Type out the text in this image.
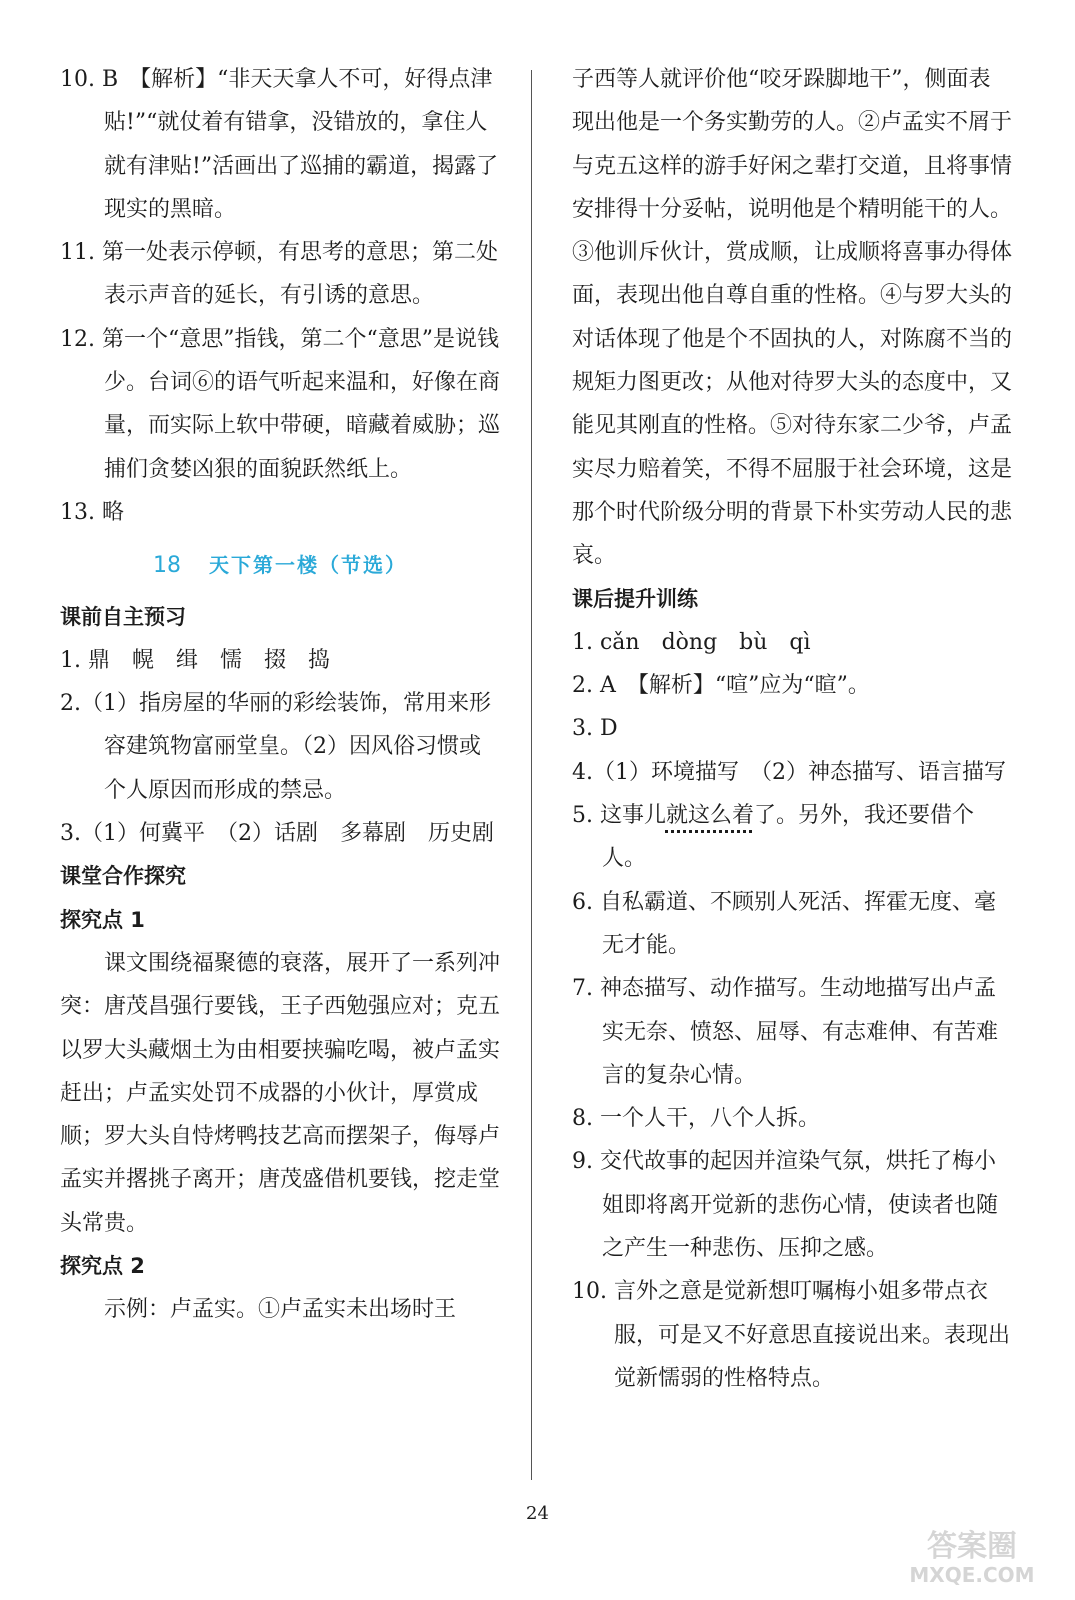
10. B　【解析】“非天天拿人不可，好得点津贴!”“就仗着有错拿，没错放的，拿住人就有津贴!”活画出了巡捕的霸道，揭露了现实的黑暗。

11. 第一处表示停顿，有思考的意思；第二处表示声音的延长，有引诱的意思。

12. 第一个“意思”指钱，第二个“意思”是说钱少。台词⑥的语气听起来温和，好像在商量，而实际上软中带硬，暗藏着威胁；巡捕们贪婪凶狠的面貌跃然纸上。

13. 略

18 天下第一楼（节选）

课前自主预习

1. 鼎　幌　缉　懦　掇　捣

2.（1）指房屋的华丽的彩绘装饰，常用来形容建筑物富丽堂皇。（2）因风俗习惯或个人原因而形成的禁忌。

3.（1）何冀平　（2）话剧　多幕剧　历史剧

课堂合作探究

探究点 1

课文围绕福聚德的衰落，展开了一系列冲突：唐茂昌强行要钱，王子西勉强应对；克五以罗大头藏烟土为由相要挟骗吃喝，被卢孟实赶出；卢孟实处罚不成器的小伙计，厚赏成顺；罗大头自恃烤鸭技艺高而摆架子，侮辱卢孟实并撂挑子离开；唐茂盛借机要钱，挖走堂头常贵。

探究点 2

示例：卢孟实。①卢孟实未出场时王

子西等人就评价他“咬牙跺脚地干”，侧面表现出他是一个务实勤劳的人。②卢孟实不屑于与克五这样的游手好闲之辈打交道，且将事情安排得十分妥帖，说明他是个精明能干的人。③他训斥伙计，赏成顺，让成顺将喜事办得体面，表现出他自尊自重的性格。④与罗大头的对话体现了他是个不固执的人，对陈腐不当的规矩力图更改；从他对待罗大头的态度中，又能见其刚直的性格。⑤对待东家二少爷，卢孟实尽力赔着笑，不得不屈服于社会环境，这是那个时代阶级分明的背景下朴实劳动人民的悲哀。

课后提升训练

1. cǎn　dòng　bù　qì

2. A　【解析】“喧”应为“暄”。

3. D

4.（1）环境描写　（2）神态描写、语言描写

5. 这事儿就这么着了。另外，我还要借个人。

6. 自私霸道、不顾别人死活、挥霍无度、毫无才能。

7. 神态描写、动作描写。生动地描写出卢孟实无奈、愤怒、屈辱、有志难伸、有苦难言的复杂心情。

8. 一个人干，八个人拆。

9. 交代故事的起因并渲染气氛，烘托了梅小姐即将离开觉新的悲伤心情，使读者也随之产生一种悲伤、压抑之感。

10. 言外之意是觉新想叮嘱梅小姐多带点衣服，可是又不好意思直接说出来。表现出觉新懦弱的性格特点。

24
答案圈
MXQE.COM
